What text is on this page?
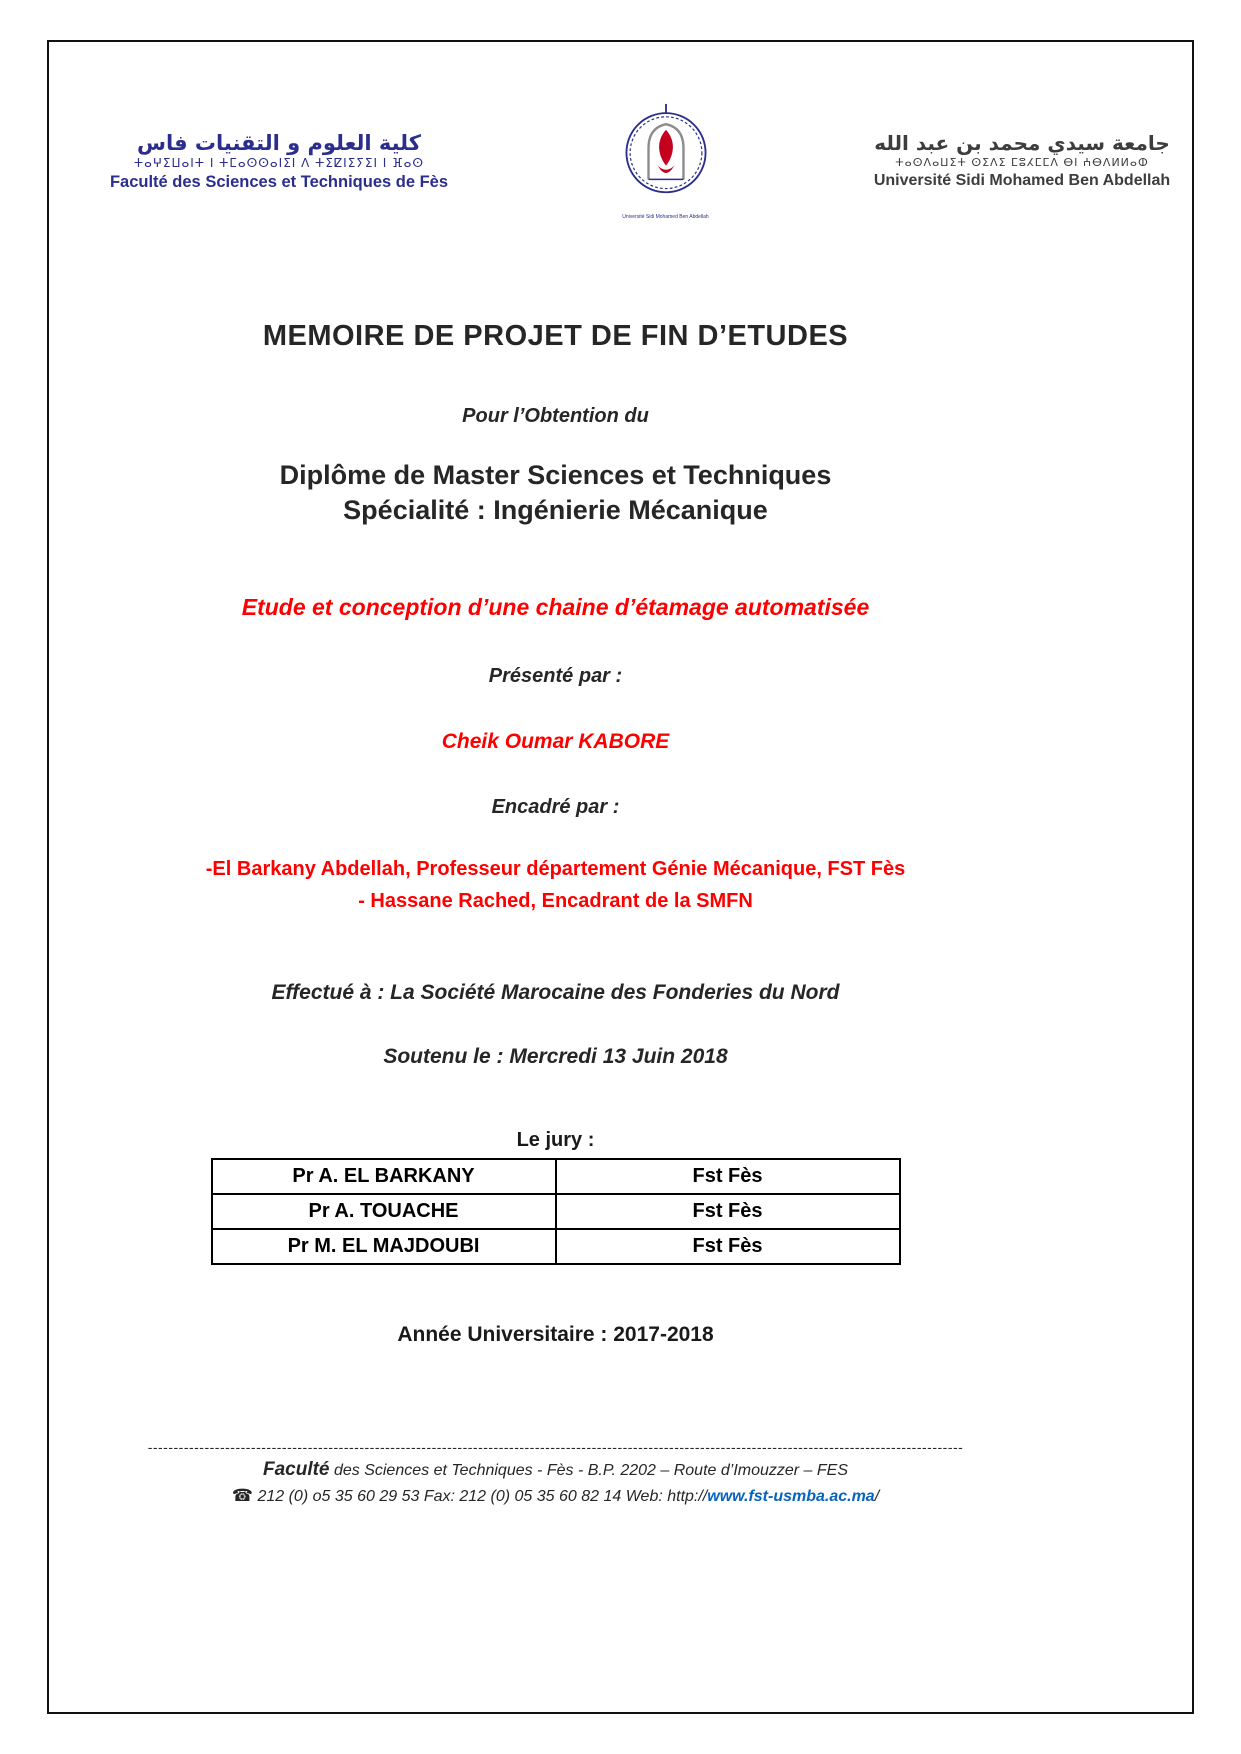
كلية العلوم و التقنيات فاس
ⵜⴰⵖⵉⵡⴰⵏⵜ ⵏ ⵜⵎⴰⵙⵙⴰⵏⵉⵏ ⴷ ⵜⵉⵇⵏⵉⵢⵉⵏ ⵏ ⴼⴰⵙ
Faculté des Sciences et Techniques de Fès
Université Sidi Mohamed Ben Abdellah
جامعة سيدي محمد بن عبد الله
ⵜⴰⵙⴷⴰⵡⵉⵜ ⵙⵉⴷⵉ ⵎⵓⵃⵎⵎⴷ ⴱⵏ ⵄⴱⴷⵍⵍⴰⵀ
Université Sidi Mohamed Ben Abdellah
MEMOIRE DE PROJET DE FIN D’ETUDES
Pour l’Obtention du
Diplôme de Master Sciences et Techniques
Spécialité : Ingénierie Mécanique
Etude et conception d’une chaine d’étamage automatisée
Présenté par :
Cheik Oumar KABORE
Encadré par :
-El Barkany Abdellah, Professeur département Génie Mécanique, FST Fès
- Hassane Rached, Encadrant de la SMFN
Effectué à : La Société Marocaine des Fonderies du Nord
Soutenu le : Mercredi 13 Juin 2018
Le jury :
Pr A. EL BARKANY	Fst Fès
Pr A. TOUACHE	Fst Fès
Pr M. EL MAJDOUBI	Fst Fès
Année Universitaire : 2017-2018
--------------------------------------------------------------------------------------------------------------------------------------------------------------
Faculté des Sciences et Techniques - Fès - B.P. 2202 – Route d’Imouzzer – FES
☎ 212 (0) o5 35 60 29 53 Fax: 212 (0) 05 35 60 82 14 Web: http://www.fst-usmba.ac.ma/
